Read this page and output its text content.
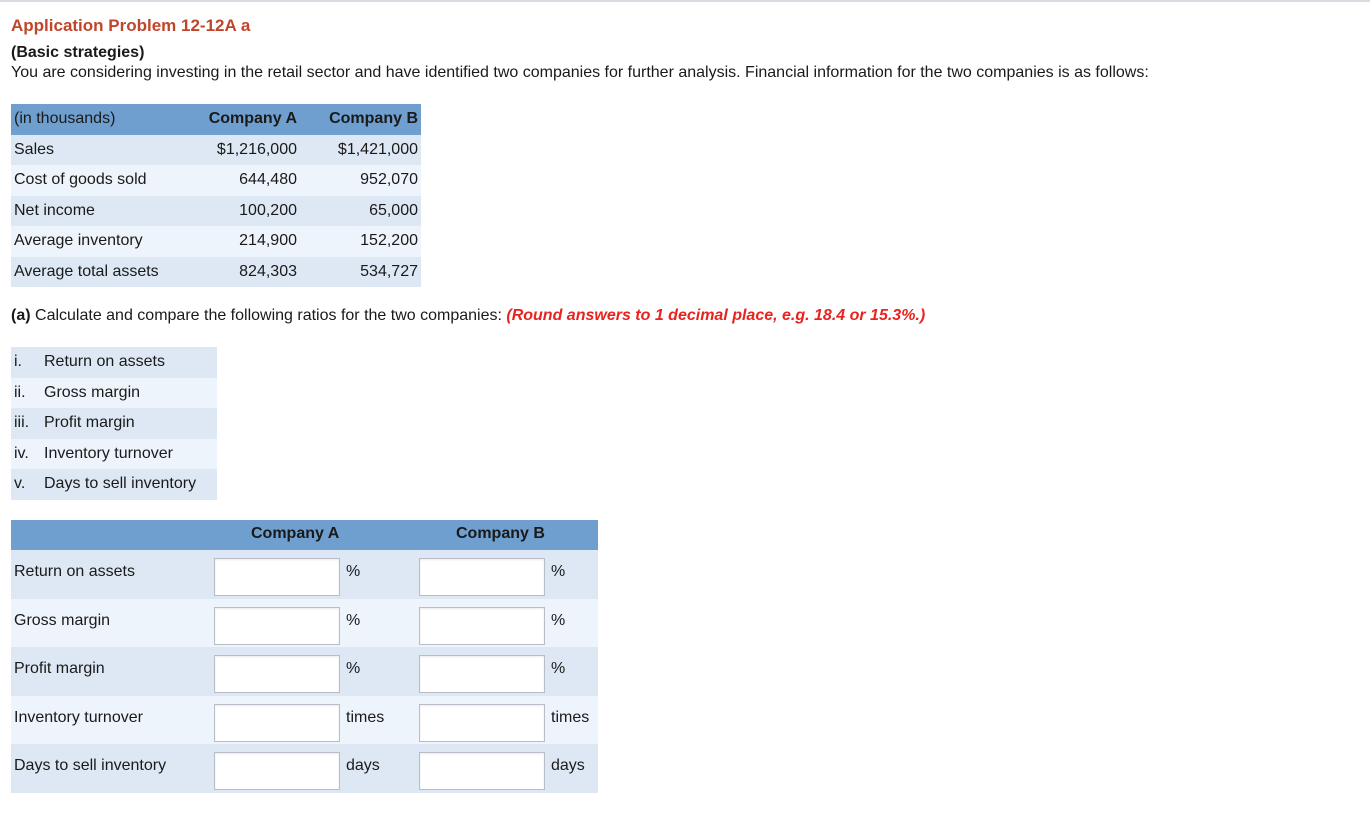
Application Problem 12-12A a
(Basic strategies)
You are considering investing in the retail sector and have identified two companies for further analysis. Financial information for the two companies is as follows:
(in thousands)	Company A	Company B
Sales	$1,216,000	$1,421,000
Cost of goods sold	644,480	952,070
Net income	100,200	65,000
Average inventory	214,900	152,200
Average total assets	824,303	534,727
(a) Calculate and compare the following ratios for the two companies: (Round answers to 1 decimal place, e.g. 18.4 or 15.3%.)
i.	Return on assets
ii.	Gross margin
iii. Profit margin
iv. Inventory turnover
v.	Days to sell inventory
Company A	Company B
Return on assets	%	%
Gross margin	%	%
Profit margin	%	%
Inventory turnover	times	times
Days to sell inventory	days	days
